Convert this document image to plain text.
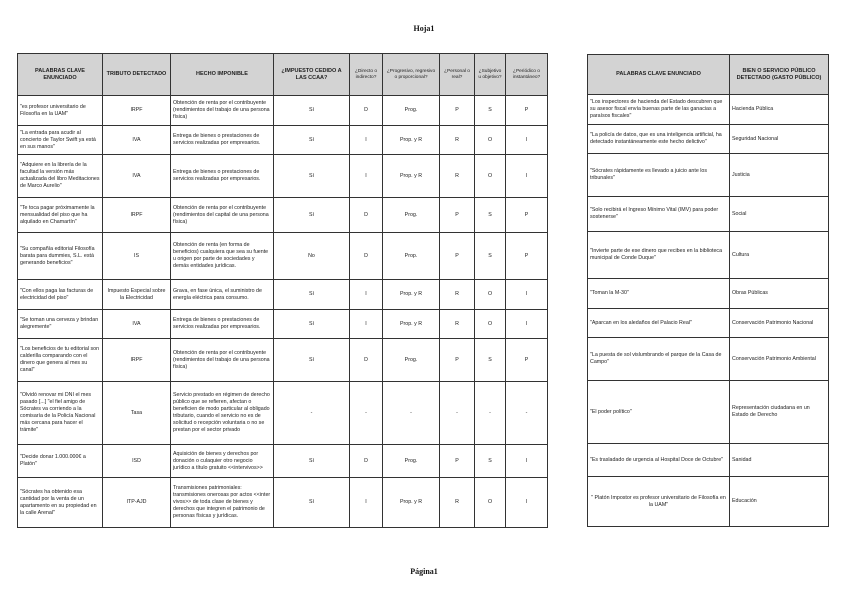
Hoja1
PALABRAS CLAVE ENUNCIADO	TRIBUTO DETECTADO	HECHO IMPONIBLE	¿IMPUESTO CEDIDO A LAS CCAA?	¿Directo o indirecto?	¿Progresivo, regresivo o proporcional?	¿Personal o real?	¿Subjetivo u objetivo?	¿Periódico o instantáneo?
"es profesor universitario de Filosofía en la UAM"	IRPF	Obtención de renta por el contribuyente (rendimientos del trabajo de una persona física)	Sí	D	Prog.	P	S	P
"La entrada para acudir al concierto de Taylor Swift ya está en sus manos"	IVA	Entrega de bienes o prestaciones de servicios realizadas por empresarios.	Sí	I	Prop. y R	R	O	I
"Adquiere en la librería de la facultad la versión más actualizada del libro Meditaciones de Marco Aurelio"	IVA	Entrega de bienes o prestaciones de servicios realizadas por empresarios.	Sí	I	Prop. y R	R	O	I
"Te toca pagar próximamente la mensualidad del piso que ha alquilado en Chamartín"	IRPF	Obtención de renta por el contribuyente (rendimientos del capital de una persona física)	Sí	D	Prog.	P	S	P
"Su compañía editorial Filosofía barata para dummies, S.L. está generando beneficios"	IS	Obtención de renta (en forma de beneficios) cualquiera que sea su fuente u origen por parte de sociedades y demás entidades jurídicas.	No	D	Prop.	P	S	P
"Con ellos paga las facturas de electricidad del piso"	Impuesto Especial sobre la Electricidad	Grava, en fase única, el suministro de energía eléctrica para consumo.	Sí	I	Prop. y R	R	O	I
"Se toman una cerveza y brindan alegremente"	IVA	Entrega de bienes o prestaciones de servicios realizadas por empresarios.	Sí	I	Prop. y R	R	O	I
"Los beneficios de tu editorial son calderilla comparando con el dinero que genera al mes su canal"	IRPF	Obtención de renta por el contribuyente (rendimientos del trabajo de una persona física)	Sí	D	Prog.	P	S	P
"Olvidó renovar mi DNI el mes pasado [...] "el fiel amigo de Sócrates va corriendo a la comisaría de la Policía Nacional más cercana para hacer el trámite"	Tasa	Servicio prestado en régimen de derecho público que se refieren, afectan o beneficien de modo particular al obligado tributario, cuando el servicio no es de solicitud o recepción voluntaria o no se prestan por el sector privado	-	-	-	-	-	-
"Decide donar 1.000.000€ a Platón"	ISD	Aquisición de bienes y derechos por donación o culaquier otro negocio jurídico a título gratuito <<intervivos>>	Sí	D	Prog.	P	S	I
"Sócrates ha obtenido esa cantidad por la venta de un apartamento en su propiedad en la calle Arenal"	ITP-AJD	Transmisiones patrimoniales: transmisiones onerosas por actos <<inter vivos>> de toda clase de bienes y derechos que integren el patrimonio de personas físicas y jurídicas.	Sí	I	Prop. y R	R	O	I
PALABRAS CLAVE ENUNCIADO	BIEN O SERVICIO PÚBLICO DETECTADO (GASTO PÚBLICO)
"Los inspectores de hacienda del Estado descubren que su asesor fiscal envía buenas parte de las ganacias a paraísos fiscales"	Hacienda Pública
"La policía de datos, que es una inteligencia artificial, ha detectado instantáneamente este hecho delictivo"	Seguridad Nacional
"Sócrates rápidamente es llevado a juicio ante los tribunales"	Justicia
"Solo recibirá el Ingreso Mínimo Vital (IMV) para poder sostenerse"	Social
"Invierte parte de ese dinero que recibes en la biblioteca municipal de Conde Duque"	Cultura
"Toman la M-30"	Obras Públicas
"Aparcan en los aledaños del Palacio Real"	Conservación Patrimonio Nacional
"La puesta de sol vislumbrando el parque de la Casa de Campo"	Conservación Patrimonio Ambiental
"El poder político"	Representación ciudadana en un Estado de Derecho
"Es trasladado de urgencia al Hospital Doce de Octubre"	Sanidad
" Platón Impostor es profesor universitario de Filosofía en la UAM"	Educación
Página1
